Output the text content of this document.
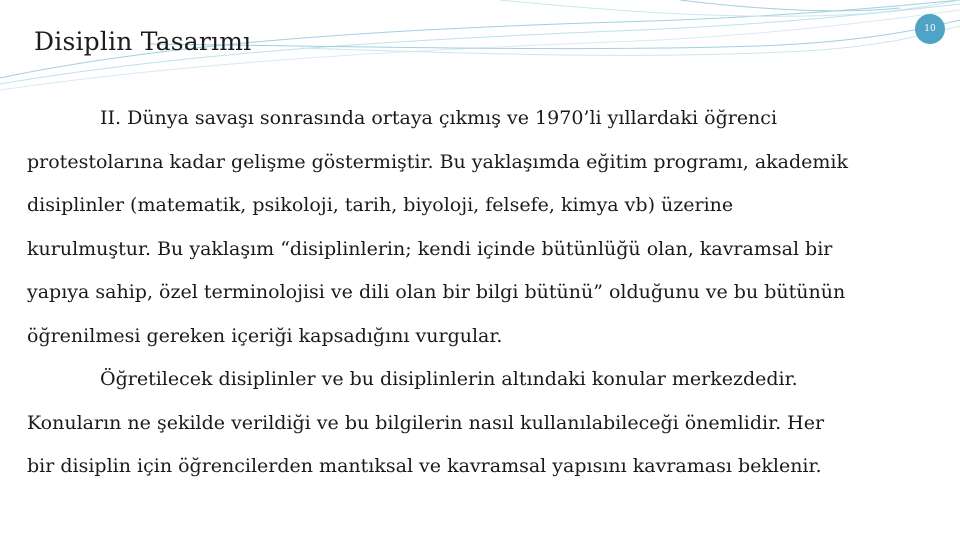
10
Disiplin Tasarımı
II. Dünya savaşı sonrasında ortaya çıkmış ve 1970’li yıllardaki öğrenci
protestolarına kadar gelişme göstermiştir. Bu yaklaşımda eğitim programı, akademik
disiplinler (matematik, psikoloji, tarih, biyoloji, felsefe, kimya vb) üzerine
kurulmuştur. Bu yaklaşım “disiplinlerin; kendi içinde bütünlüğü olan, kavramsal bir
yapıya sahip, özel terminolojisi ve dili olan bir bilgi bütünü” olduğunu ve bu bütünün
öğrenilmesi gereken içeriği kapsadığını vurgular.
Öğretilecek disiplinler ve bu disiplinlerin altındaki konular merkezdedir.
Konuların ne şekilde verildiği ve bu bilgilerin nasıl kullanılabileceği önemlidir. Her
bir disiplin için öğrencilerden mantıksal ve kavramsal yapısını kavraması beklenir.
